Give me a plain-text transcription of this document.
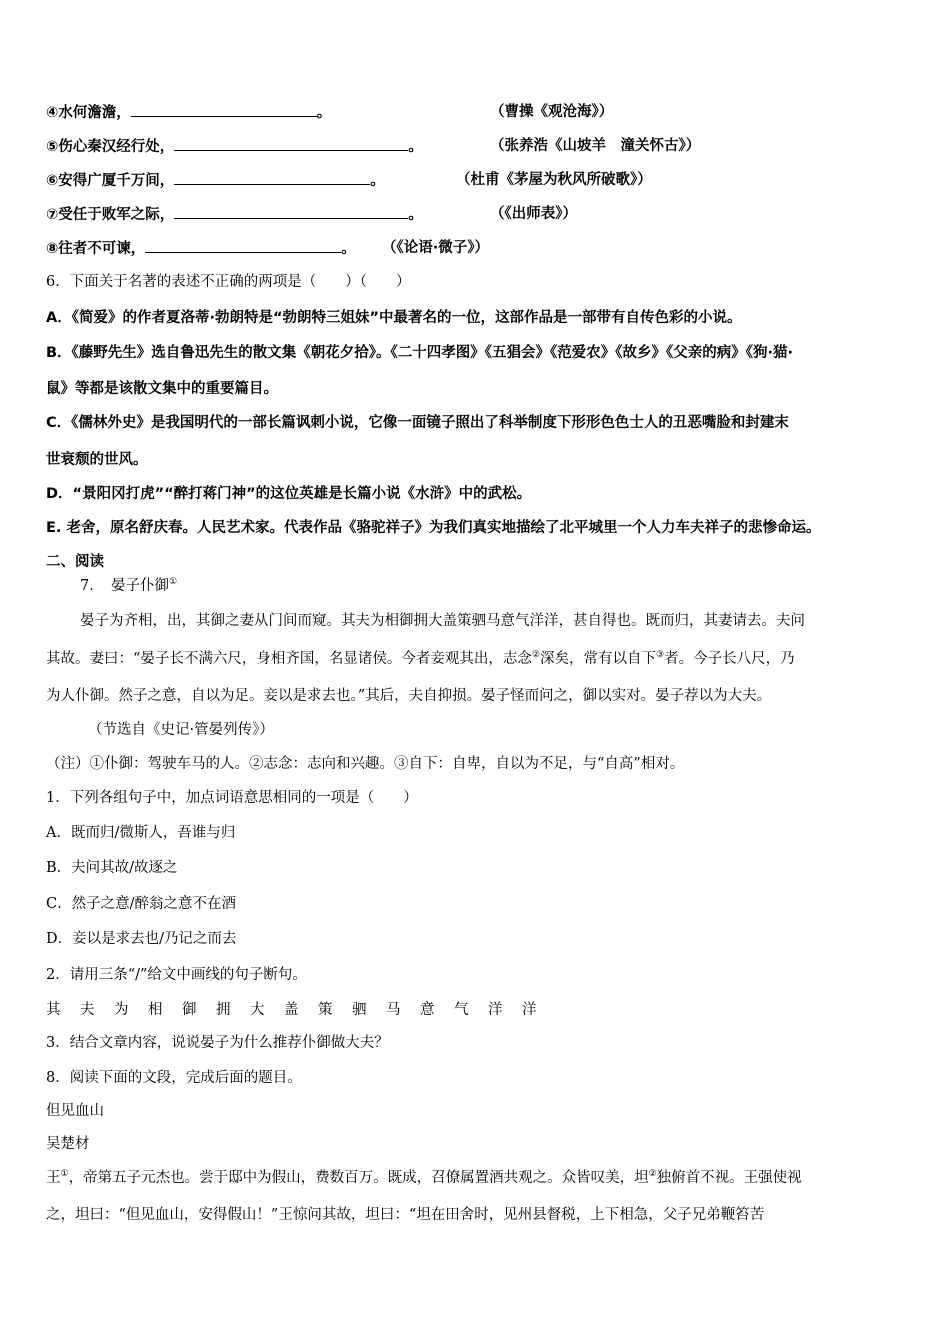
④水何澹澹，	。	（曹操《观沧海》）
⑤伤心秦汉经行处，	。	（张养浩《山坡羊　潼关怀古》）
⑥安得广厦千万间，	。	（杜甫《茅屋为秋风所破歌》）
⑦受任于败军之际，	。	（《出师表》）
⑧往者不可谏，	。 （《论语·微子》）
6．下面关于名著的表述不正确的两项是（　　）（　　）
A．《简爱》的作者夏洛蒂·勃朗特是“勃朗特三姐妹”中最著名的一位，这部作品是一部带有自传色彩的小说。
B．《藤野先生》选自鲁迅先生的散文集《朝花夕拾》。《二十四孝图》《五猖会》《范爱农》《故乡》《父亲的病》《狗·猫·
鼠》等都是该散文集中的重要篇目。
C．《儒林外史》是我国明代的一部长篇讽刺小说，它像一面镜子照出了科举制度下形形色色士人的丑恶嘴脸和封建末
世衰颓的世风。
D．“景阳冈打虎”“醉打蒋门神”的这位英雄是长篇小说《水浒》中的武松。
E. 老舍，原名舒庆春。人民艺术家。代表作品《骆驼祥子》为我们真实地描绘了北平城里一个人力车夫祥子的悲惨命运。
二、阅读
7．　晏子仆御①
晏子为齐相，出，其御之妻从门间而窥。其夫为相御拥大盖策驷马意气洋洋，甚自得也。既而归，其妻请去。夫问
其故。妻曰：“晏子长不满六尺，身相齐国，名显诸侯。今者妾观其出，志念②深矣，常有以自下③者。今子长八尺，乃
为人仆御。然子之意，自以为足。妾以是求去也。”其后，夫自抑损。晏子怪而问之，御以实对。晏子荐以为大夫。
（节选自《史记·管晏列传》）
（注）①仆御：驾驶车马的人。②志念：志向和兴趣。③自下：自卑，自以为不足，与“自高”相对。
1．下列各组句子中，加点词语意思相同的一项是（　　）
A．既而归/微斯人，吾谁与归
B．夫问其故/故逐之
C．然子之意/醉翁之意不在酒
D．妾以是求去也/乃记之而去
2．请用三条“/”给文中画线的句子断句。
其 夫 为 相 御 拥 大 盖 策 驷 马 意 气 洋 洋
3．结合文章内容，说说晏子为什么推荐仆御做大夫？
8．阅读下面的文段，完成后面的题目。
但见血山
吴楚材
王①，帝第五子元杰也。尝于邸中为假山，费数百万。既成，召僚属置酒共观之。众皆叹美，坦②独俯首不视。王强使视
之，坦曰：“但见血山，安得假山！”王惊问其故，坦曰：“坦在田舍时，见州县督税，上下相急，父子兄弟鞭笞苦
